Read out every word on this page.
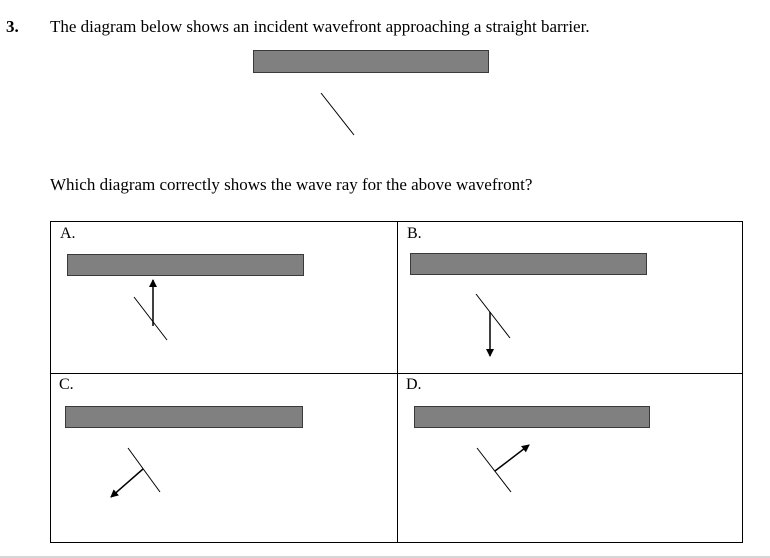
3. The diagram below shows an incident wavefront approaching a straight barrier.
Which diagram correctly shows the wave ray for the above wavefront?
A.	B.
C.	D.
